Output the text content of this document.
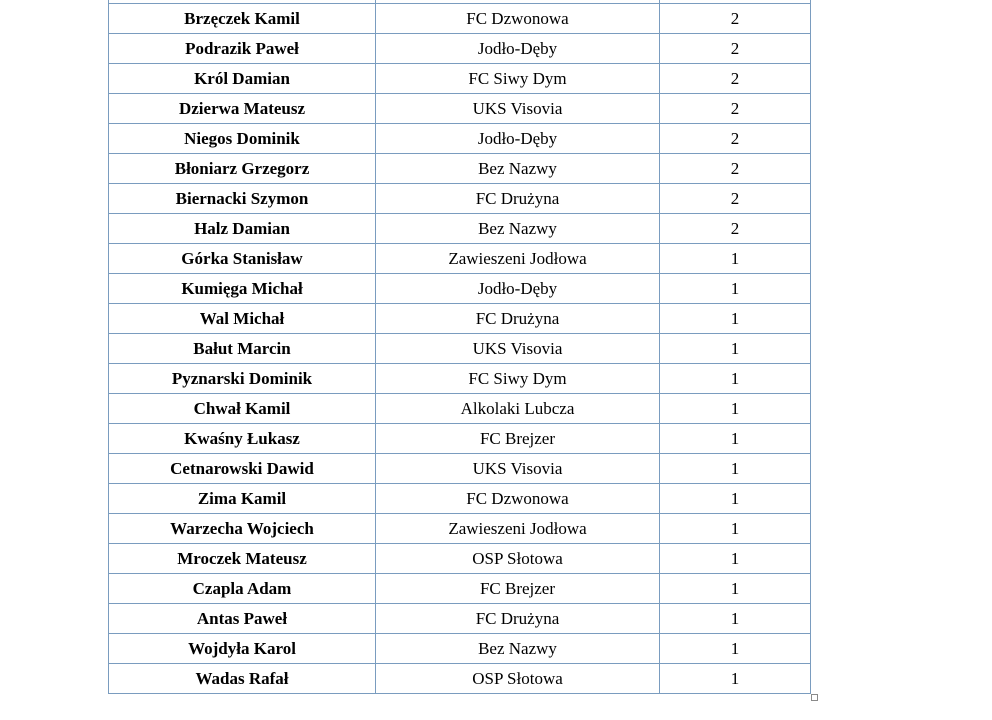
Brzęczek Kamil	FC Dzwonowa	2
Podrazik Paweł	Jodło-Dęby	2
Król Damian	FC Siwy Dym	2
Dzierwa Mateusz	UKS Visovia	2
Niegos Dominik	Jodło-Dęby	2
Błoniarz Grzegorz	Bez Nazwy	2
Biernacki Szymon	FC Drużyna	2
Halz Damian	Bez Nazwy	2
Górka Stanisław	Zawieszeni Jodłowa	1
Kumięga Michał	Jodło-Dęby	1
Wal Michał	FC Drużyna	1
Bałut Marcin	UKS Visovia	1
Pyznarski Dominik	FC Siwy Dym	1
Chwał Kamil	Alkolaki Lubcza	1
Kwaśny Łukasz	FC Brejzer	1
Cetnarowski Dawid	UKS Visovia	1
Zima Kamil	FC Dzwonowa	1
Warzecha Wojciech	Zawieszeni Jodłowa	1
Mroczek Mateusz	OSP Słotowa	1
Czapla Adam	FC Brejzer	1
Antas Paweł	FC Drużyna	1
Wojdyła Karol	Bez Nazwy	1
Wadas Rafał	OSP Słotowa	1
